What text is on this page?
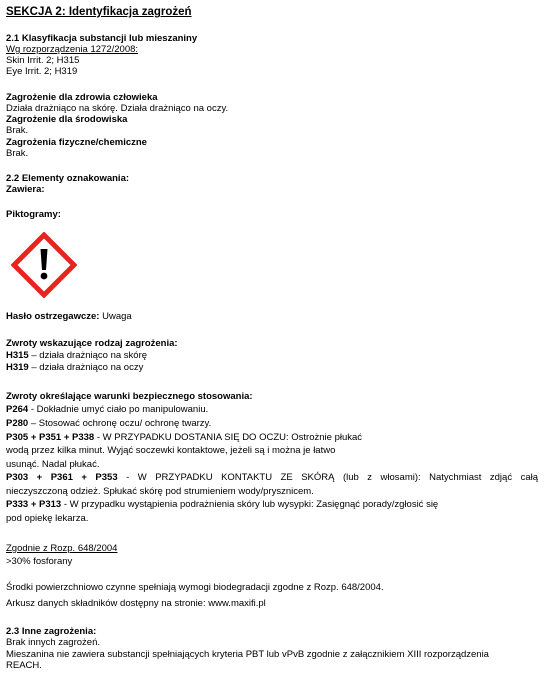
SEKCJA 2: Identyfikacja zagrożeń
2.1 Klasyfikacja substancji lub mieszaniny
Wg rozporządzenia 1272/2008:
Skin Irrit. 2; H315
Eye Irrit. 2; H319
Zagrożenie dla zdrowia człowieka
Działa drażniąco na skórę. Działa drażniąco na oczy.
Zagrożenie dla środowiska
Brak.
Zagrożenia fizyczne/chemiczne
Brak.
2.2 Elementy oznakowania:
Zawiera:
Piktogramy:
Hasło ostrzegawcze: Uwaga
Zwroty wskazujące rodzaj zagrożenia:
H315 – działa drażniąco na skórę
H319 – działa drażniąco na oczy
Zwroty określające warunki bezpiecznego stosowania:
P264 - Dokładnie umyć ciało po manipulowaniu.
P280 – Stosować ochronę oczu/ ochronę twarzy.
P305 + P351 + P338 - W PRZYPADKU DOSTANIA SIĘ DO OCZU: Ostrożnie płukać
wodą przez kilka minut. Wyjąć soczewki kontaktowe, jeżeli są i można je łatwo
usunąć. Nadal płukać.
P303 + P361 + P353 - W PRZYPADKU KONTAKTU ZE SKÓRĄ (lub z włosami): Natychmiast zdjąć całą
nieczyszczoną odzież. Spłukać skórę pod strumieniem wody/prysznicem.
P333 + P313 - W przypadku wystąpienia podrażnienia skóry lub wysypki: Zasięgnąć porady/zgłosić się
pod opiekę lekarza.
Zgodnie z Rozp. 648/2004
>30% fosforany
Środki powierzchniowo czynne spełniają wymogi biodegradacji zgodne z Rozp. 648/2004.
Arkusz danych składników dostępny na stronie: www.maxifi.pl
2.3 Inne zagrożenia:
Brak innych zagrożeń.
Mieszanina nie zawiera substancji spełniających kryteria PBT lub vPvB zgodnie z załącznikiem XIII rozporządzenia
REACH.
